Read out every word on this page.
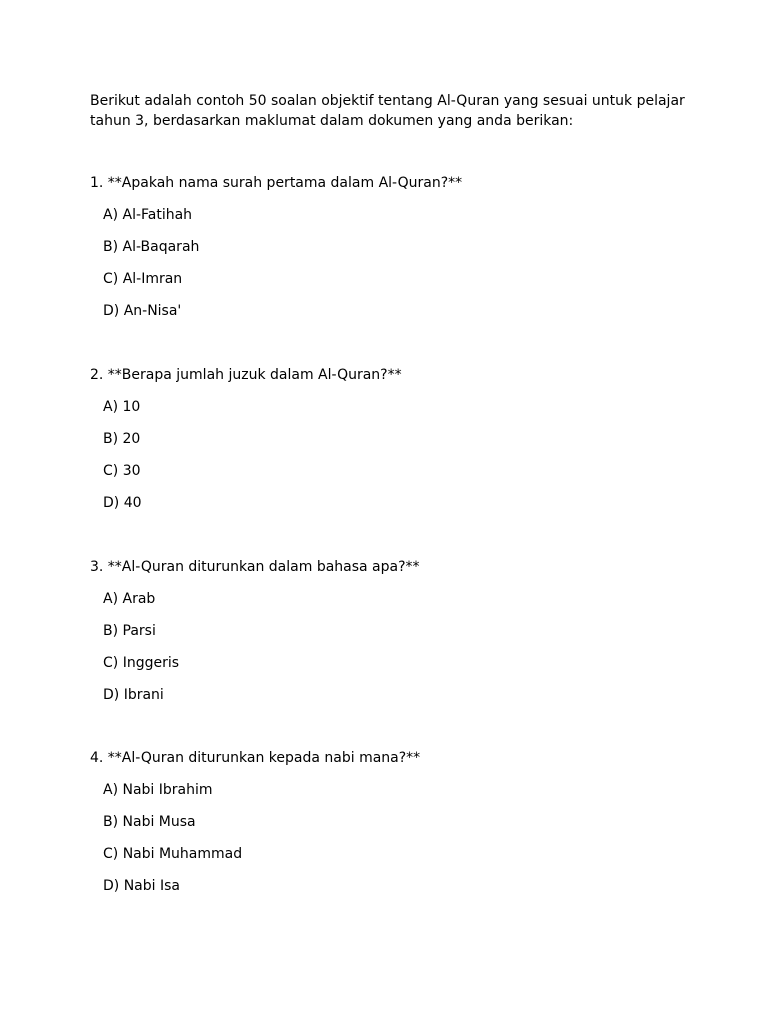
Berikut adalah contoh 50 soalan objektif tentang Al-Quran yang sesuai untuk pelajar tahun 3, berdasarkan maklumat dalam dokumen yang anda berikan:

1. **Apakah nama surah pertama dalam Al-Quran?**

A) Al-Fatihah

B) Al-Baqarah

C) Al-Imran

D) An-Nisa'

2. **Berapa jumlah juzuk dalam Al-Quran?**

A) 10

B) 20

C) 30

D) 40

3. **Al-Quran diturunkan dalam bahasa apa?**

A) Arab

B) Parsi

C) Inggeris

D) Ibrani

4. **Al-Quran diturunkan kepada nabi mana?**

A) Nabi Ibrahim

B) Nabi Musa

C) Nabi Muhammad

D) Nabi Isa
